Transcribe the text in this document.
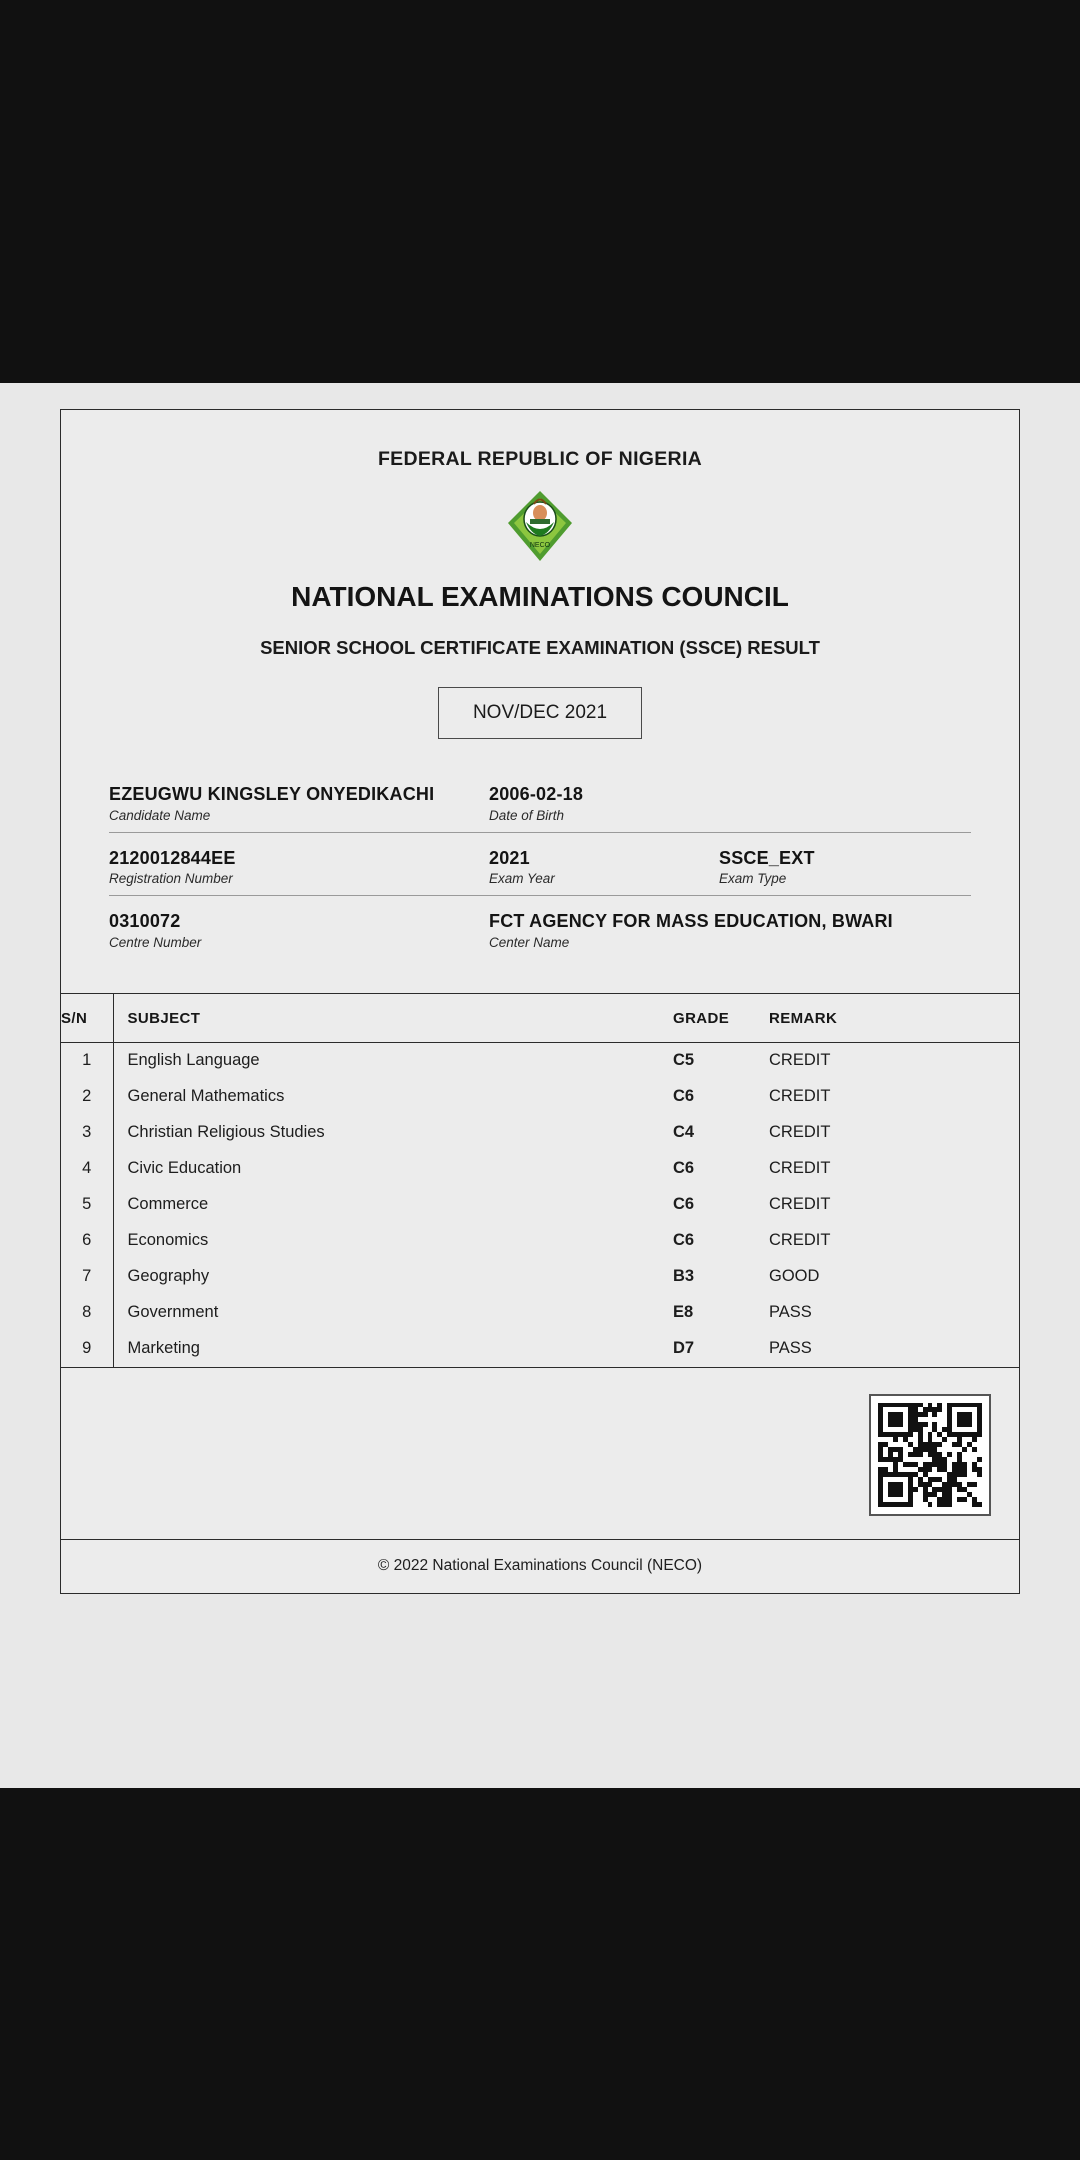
FEDERAL REPUBLIC OF NIGERIA
NECO
NATIONAL EXAMINATIONS COUNCIL
SENIOR SCHOOL CERTIFICATE EXAMINATION (SSCE) RESULT
NOV/DEC 2021
EZEUGWU KINGSLEY ONYEDIKACHI
Candidate Name
2006-02-18
Date of Birth
2120012844EE
Registration Number
2021
Exam Year
SSCE_EXT
Exam Type
0310072
Centre Number
FCT AGENCY FOR MASS EDUCATION, BWARI
Center Name
S/N	SUBJECT	GRADE	REMARK
1	English Language	C5	CREDIT
2	General Mathematics	C6	CREDIT
3	Christian Religious Studies	C4	CREDIT
4	Civic Education	C6	CREDIT
5	Commerce	C6	CREDIT
6	Economics	C6	CREDIT
7	Geography	B3	GOOD
8	Government	E8	PASS
9	Marketing	D7	PASS
© 2022 National Examinations Council (NECO)
